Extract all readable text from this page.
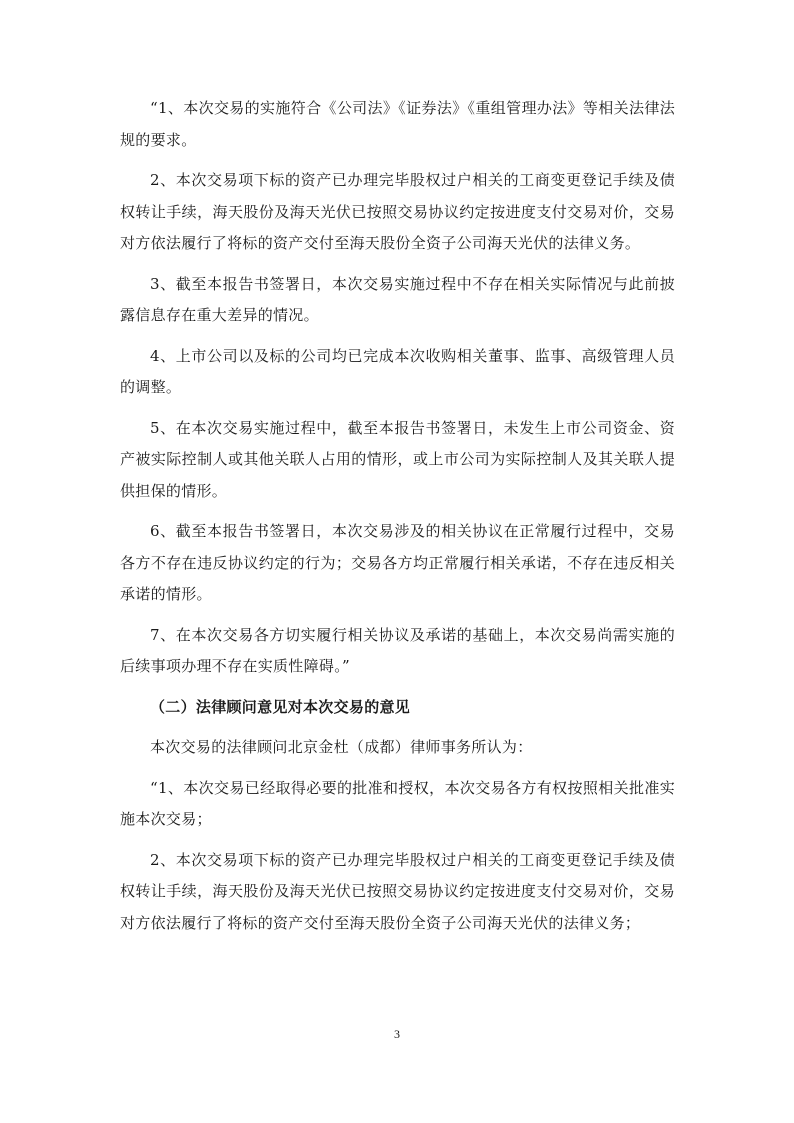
“1、本次交易的实施符合《公司法》《证券法》《重组管理办法》等相关法律法规的要求。

2、本次交易项下标的资产已办理完毕股权过户相关的工商变更登记手续及债权转让手续，海天股份及海天光伏已按照交易协议约定按进度支付交易对价，交易对方依法履行了将标的资产交付至海天股份全资子公司海天光伏的法律义务。

3、截至本报告书签署日，本次交易实施过程中不存在相关实际情况与此前披露信息存在重大差异的情况。

4、上市公司以及标的公司均已完成本次收购相关董事、监事、高级管理人员的调整。

5、在本次交易实施过程中，截至本报告书签署日，未发生上市公司资金、资产被实际控制人或其他关联人占用的情形，或上市公司为实际控制人及其关联人提供担保的情形。

6、截至本报告书签署日，本次交易涉及的相关协议在正常履行过程中，交易各方不存在违反协议约定的行为；交易各方均正常履行相关承诺，不存在违反相关承诺的情形。

7、在本次交易各方切实履行相关协议及承诺的基础上，本次交易尚需实施的后续事项办理不存在实质性障碍。”

（二）法律顾问意见对本次交易的意见

本次交易的法律顾问北京金杜（成都）律师事务所认为：

“1、本次交易已经取得必要的批准和授权，本次交易各方有权按照相关批准实施本次交易；

2、本次交易项下标的资产已办理完毕股权过户相关的工商变更登记手续及债权转让手续，海天股份及海天光伏已按照交易协议约定按进度支付交易对价，交易对方依法履行了将标的资产交付至海天股份全资子公司海天光伏的法律义务；

3
